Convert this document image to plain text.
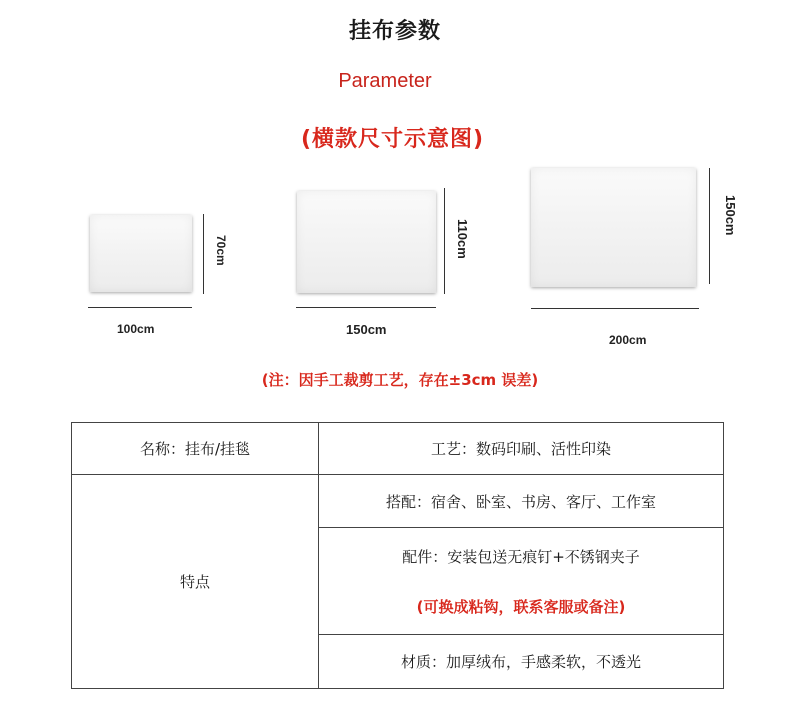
挂布参数
Parameter
(横款尺寸示意图)
100cm
70cm
150cm
110cm
200cm
150cm
(注：因手工裁剪工艺，存在±3cm 误差)
名称：挂布/挂毯	工艺：数码印刷、活性印染
特点	搭配：宿舍、卧室、书房、客厅、工作室

	配件：安装包送无痕钉+不锈钢夹子
(可换成粘钩，联系客服或备注)

	材质：加厚绒布，手感柔软，不透光
